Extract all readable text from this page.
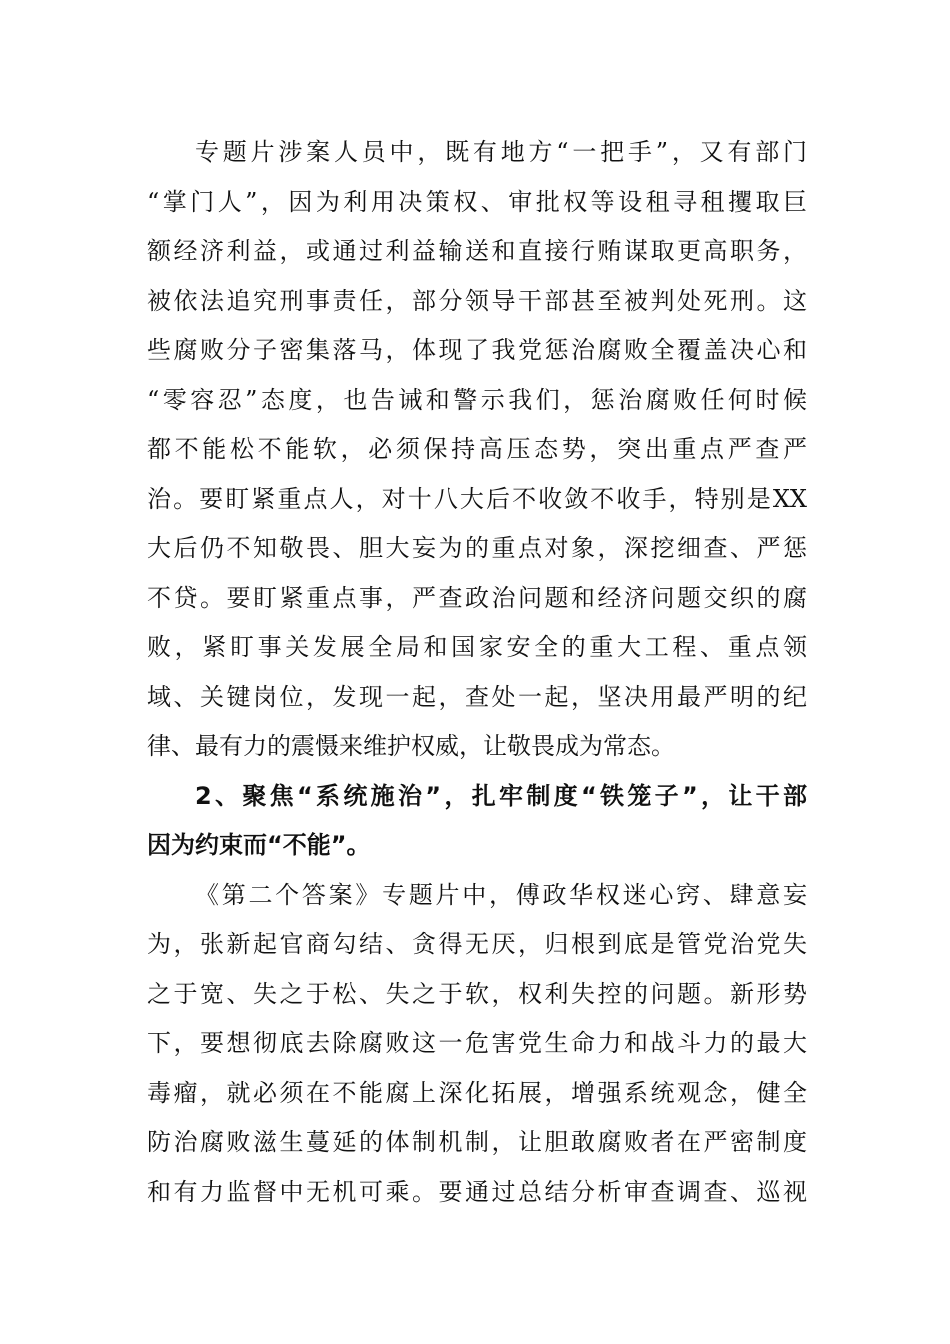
专题片涉案人员中，既有地方“一把手”，又有部门
“掌门人”，因为利用决策权、审批权等设租寻租攫取巨
额经济利益，或通过利益输送和直接行贿谋取更高职务，
被依法追究刑事责任，部分领导干部甚至被判处死刑。这
些腐败分子密集落马，体现了我党惩治腐败全覆盖决心和
“零容忍”态度，也告诫和警示我们，惩治腐败任何时候
都不能松不能软，必须保持高压态势，突出重点严查严
治。要盯紧重点人，对十八大后不收敛不收手，特别是XX
大后仍不知敬畏、胆大妄为的重点对象，深挖细查、严惩
不贷。要盯紧重点事，严查政治问题和经济问题交织的腐
败，紧盯事关发展全局和国家安全的重大工程、重点领
域、关键岗位，发现一起，查处一起，坚决用最严明的纪
律、最有力的震慑来维护权威，让敬畏成为常态。
2、聚焦“系统施治”，扎牢制度“铁笼子”，让干部
因为约束而“不能”。
《第二个答案》专题片中，傅政华权迷心窍、肆意妄
为，张新起官商勾结、贪得无厌，归根到底是管党治党失
之于宽、失之于松、失之于软，权利失控的问题。新形势
下，要想彻底去除腐败这一危害党生命力和战斗力的最大
毒瘤，就必须在不能腐上深化拓展，增强系统观念，健全
防治腐败滋生蔓延的体制机制，让胆敢腐败者在严密制度
和有力监督中无机可乘。要通过总结分析审查调查、巡视
